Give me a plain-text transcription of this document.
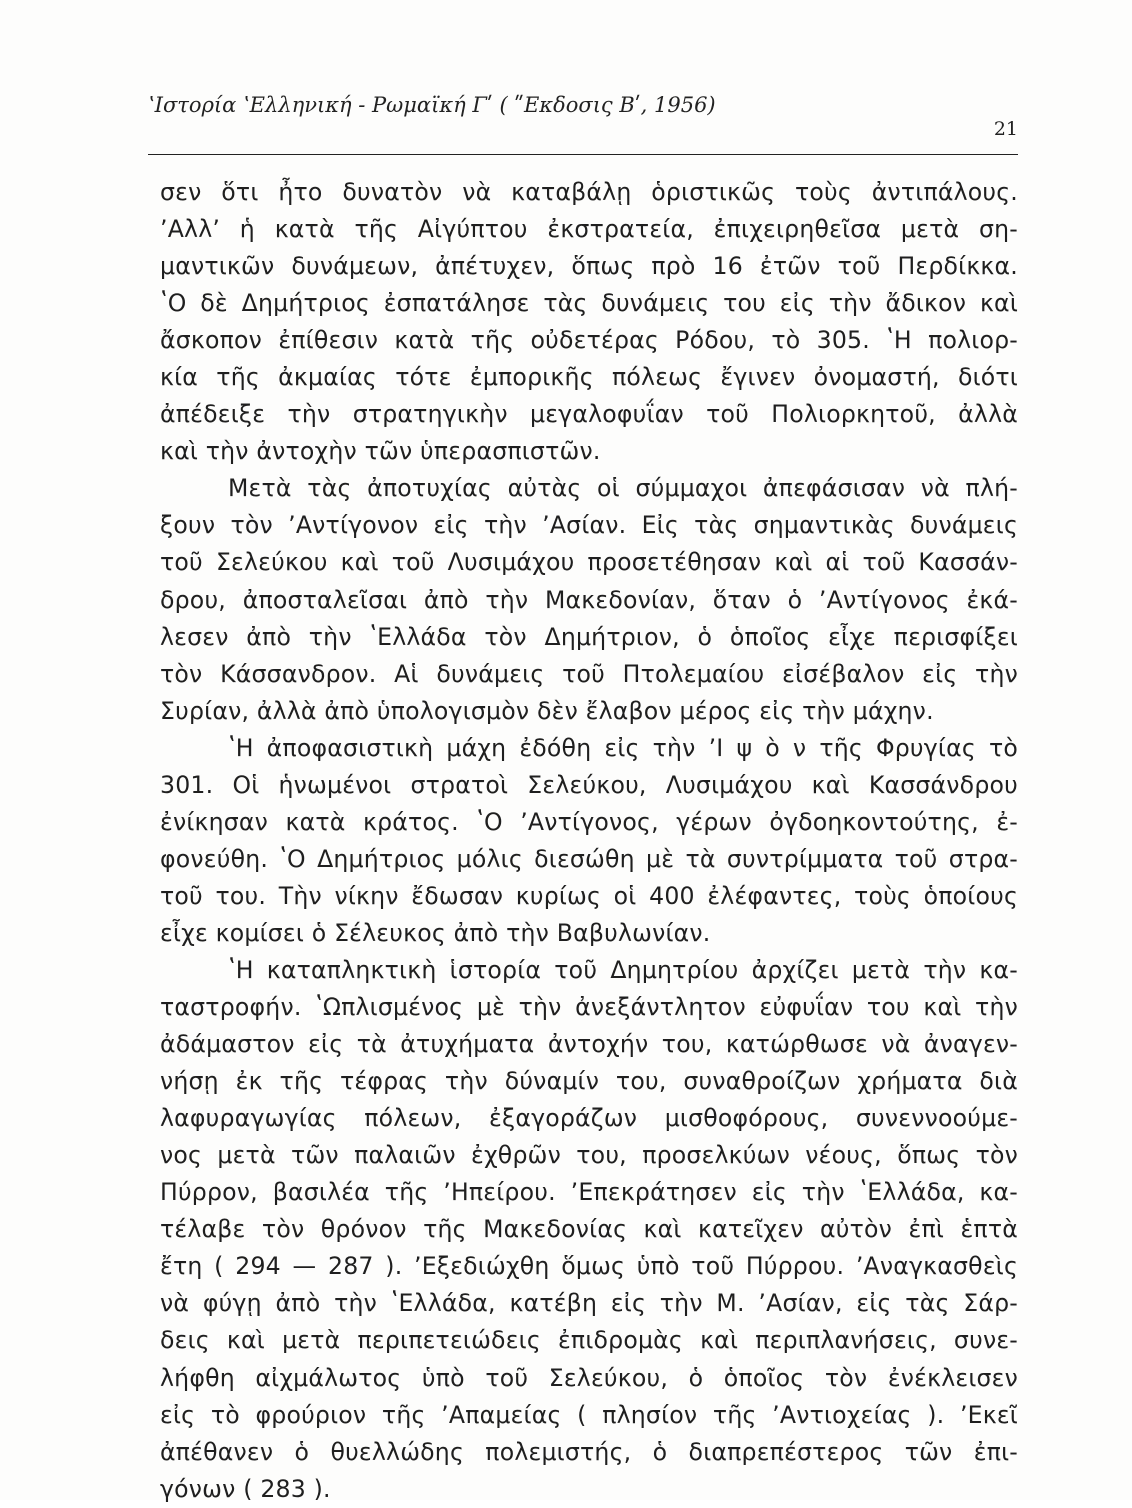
ʽΙστορία ʽΕλληνική - Ρωμαϊκή Γʹ ( ʺΕκδοσις Βʹ, 1956)
21
σεν ὅτι ἦτο δυνατὸν νὰ καταβάλῃ ὁριστικῶς τοὺς ἀντιπάλους.
ʼΑλλʼ ἡ κατὰ τῆς Αἰγύπτου ἐκστρατεία, ἐπιχειρηθεῖσα μετὰ ση-
μαντικῶν δυνάμεων, ἀπέτυχεν, ὅπως πρὸ 16 ἐτῶν τοῦ Περδίκκα.
ʽΟ δὲ Δημήτριος ἐσπατάλησε τὰς δυνάμεις του εἰς τὴν ἄδικον καὶ
ἄσκοπον ἐπίθεσιν κατὰ τῆς οὐδετέρας Ρόδου, τὸ 305. ʽΗ πολιορ-
κία τῆς ἀκμαίας τότε ἐμπορικῆς πόλεως ἔγινεν ὀνομαστή, διότι
ἀπέδειξε τὴν στρατηγικὴν μεγαλοφυΐαν τοῦ Πολιορκητοῦ, ἀλλὰ
καὶ τὴν ἀντοχὴν τῶν ὑπερασπιστῶν.
Μετὰ τὰς ἀποτυχίας αὐτὰς οἱ σύμμαχοι ἀπεφάσισαν νὰ πλή-
ξουν τὸν ʼΑντίγονον εἰς τὴν ʼΑσίαν. Εἰς τὰς σημαντικὰς δυνάμεις
τοῦ Σελεύκου καὶ τοῦ Λυσιμάχου προσετέθησαν καὶ αἱ τοῦ Κασσάν-
δρου, ἀποσταλεῖσαι ἀπὸ τὴν Μακεδονίαν, ὅταν ὁ ʼΑντίγονος ἐκά-
λεσεν ἀπὸ τὴν ʽΕλλάδα τὸν Δημήτριον, ὁ ὁποῖος εἶχε περισφίξει
τὸν Κάσσανδρον. Αἱ δυνάμεις τοῦ Πτολεμαίου εἰσέβαλον εἰς τὴν
Συρίαν, ἀλλὰ ἀπὸ ὑπολογισμὸν δὲν ἔλαβον μέρος εἰς τὴν μάχην.
ʽΗ ἀποφασιστικὴ μάχη ἐδόθη εἰς τὴν ʼΙ ψ ὸ ν τῆς Φρυγίας τὸ
301. Οἱ ἡνωμένοι στρατοὶ Σελεύκου, Λυσιμάχου καὶ Κασσάνδρου
ἐνίκησαν κατὰ κράτος. ʽΟ ʼΑντίγονος, γέρων ὀγδοηκοντούτης, ἐ-
φονεύθη. ʽΟ Δημήτριος μόλις διεσώθη μὲ τὰ συντρίμματα τοῦ στρα-
τοῦ του. Τὴν νίκην ἔδωσαν κυρίως οἱ 400 ἐλέφαντες, τοὺς ὁποίους
εἶχε κομίσει ὁ Σέλευκος ἀπὸ τὴν Βαβυλωνίαν.
ʽΗ καταπληκτικὴ ἱστορία τοῦ Δημητρίου ἀρχίζει μετὰ τὴν κα-
ταστροφήν. ʽΩπλισμένος μὲ τὴν ἀνεξάντλητον εὐφυΐαν του καὶ τὴν
ἀδάμαστον εἰς τὰ ἀτυχήματα ἀντοχήν του, κατώρθωσε νὰ ἀναγεν-
νήσῃ ἐκ τῆς τέφρας τὴν δύναμίν του, συναθροίζων χρήματα διὰ
λαφυραγωγίας πόλεων, ἐξαγοράζων μισθοφόρους, συνεννοούμε-
νος μετὰ τῶν παλαιῶν ἐχθρῶν του, προσελκύων νέους, ὅπως τὸν
Πύρρον, βασιλέα τῆς ʼΗπείρου. ʼΕπεκράτησεν εἰς τὴν ʽΕλλάδα, κα-
τέλαβε τὸν θρόνον τῆς Μακεδονίας καὶ κατεῖχεν αὐτὸν ἐπὶ ἑπτὰ
ἔτη ( 294 — 287 ). ʼΕξεδιώχθη ὅμως ὑπὸ τοῦ Πύρρου. ʼΑναγκασθεὶς
νὰ φύγῃ ἀπὸ τὴν ʽΕλλάδα, κατέβη εἰς τὴν Μ. ʼΑσίαν, εἰς τὰς Σάρ-
δεις καὶ μετὰ περιπετειώδεις ἐπιδρομὰς καὶ περιπλανήσεις, συνε-
λήφθη αἰχμάλωτος ὑπὸ τοῦ Σελεύκου, ὁ ὁποῖος τὸν ἐνέκλεισεν
εἰς τὸ φρούριον τῆς ʼΑπαμείας ( πλησίον τῆς ʼΑντιοχείας ). ʼΕκεῖ
ἀπέθανεν ὁ θυελλώδης πολεμιστής, ὁ διαπρεπέστερος τῶν ἐπι-
γόνων ( 283 ).
